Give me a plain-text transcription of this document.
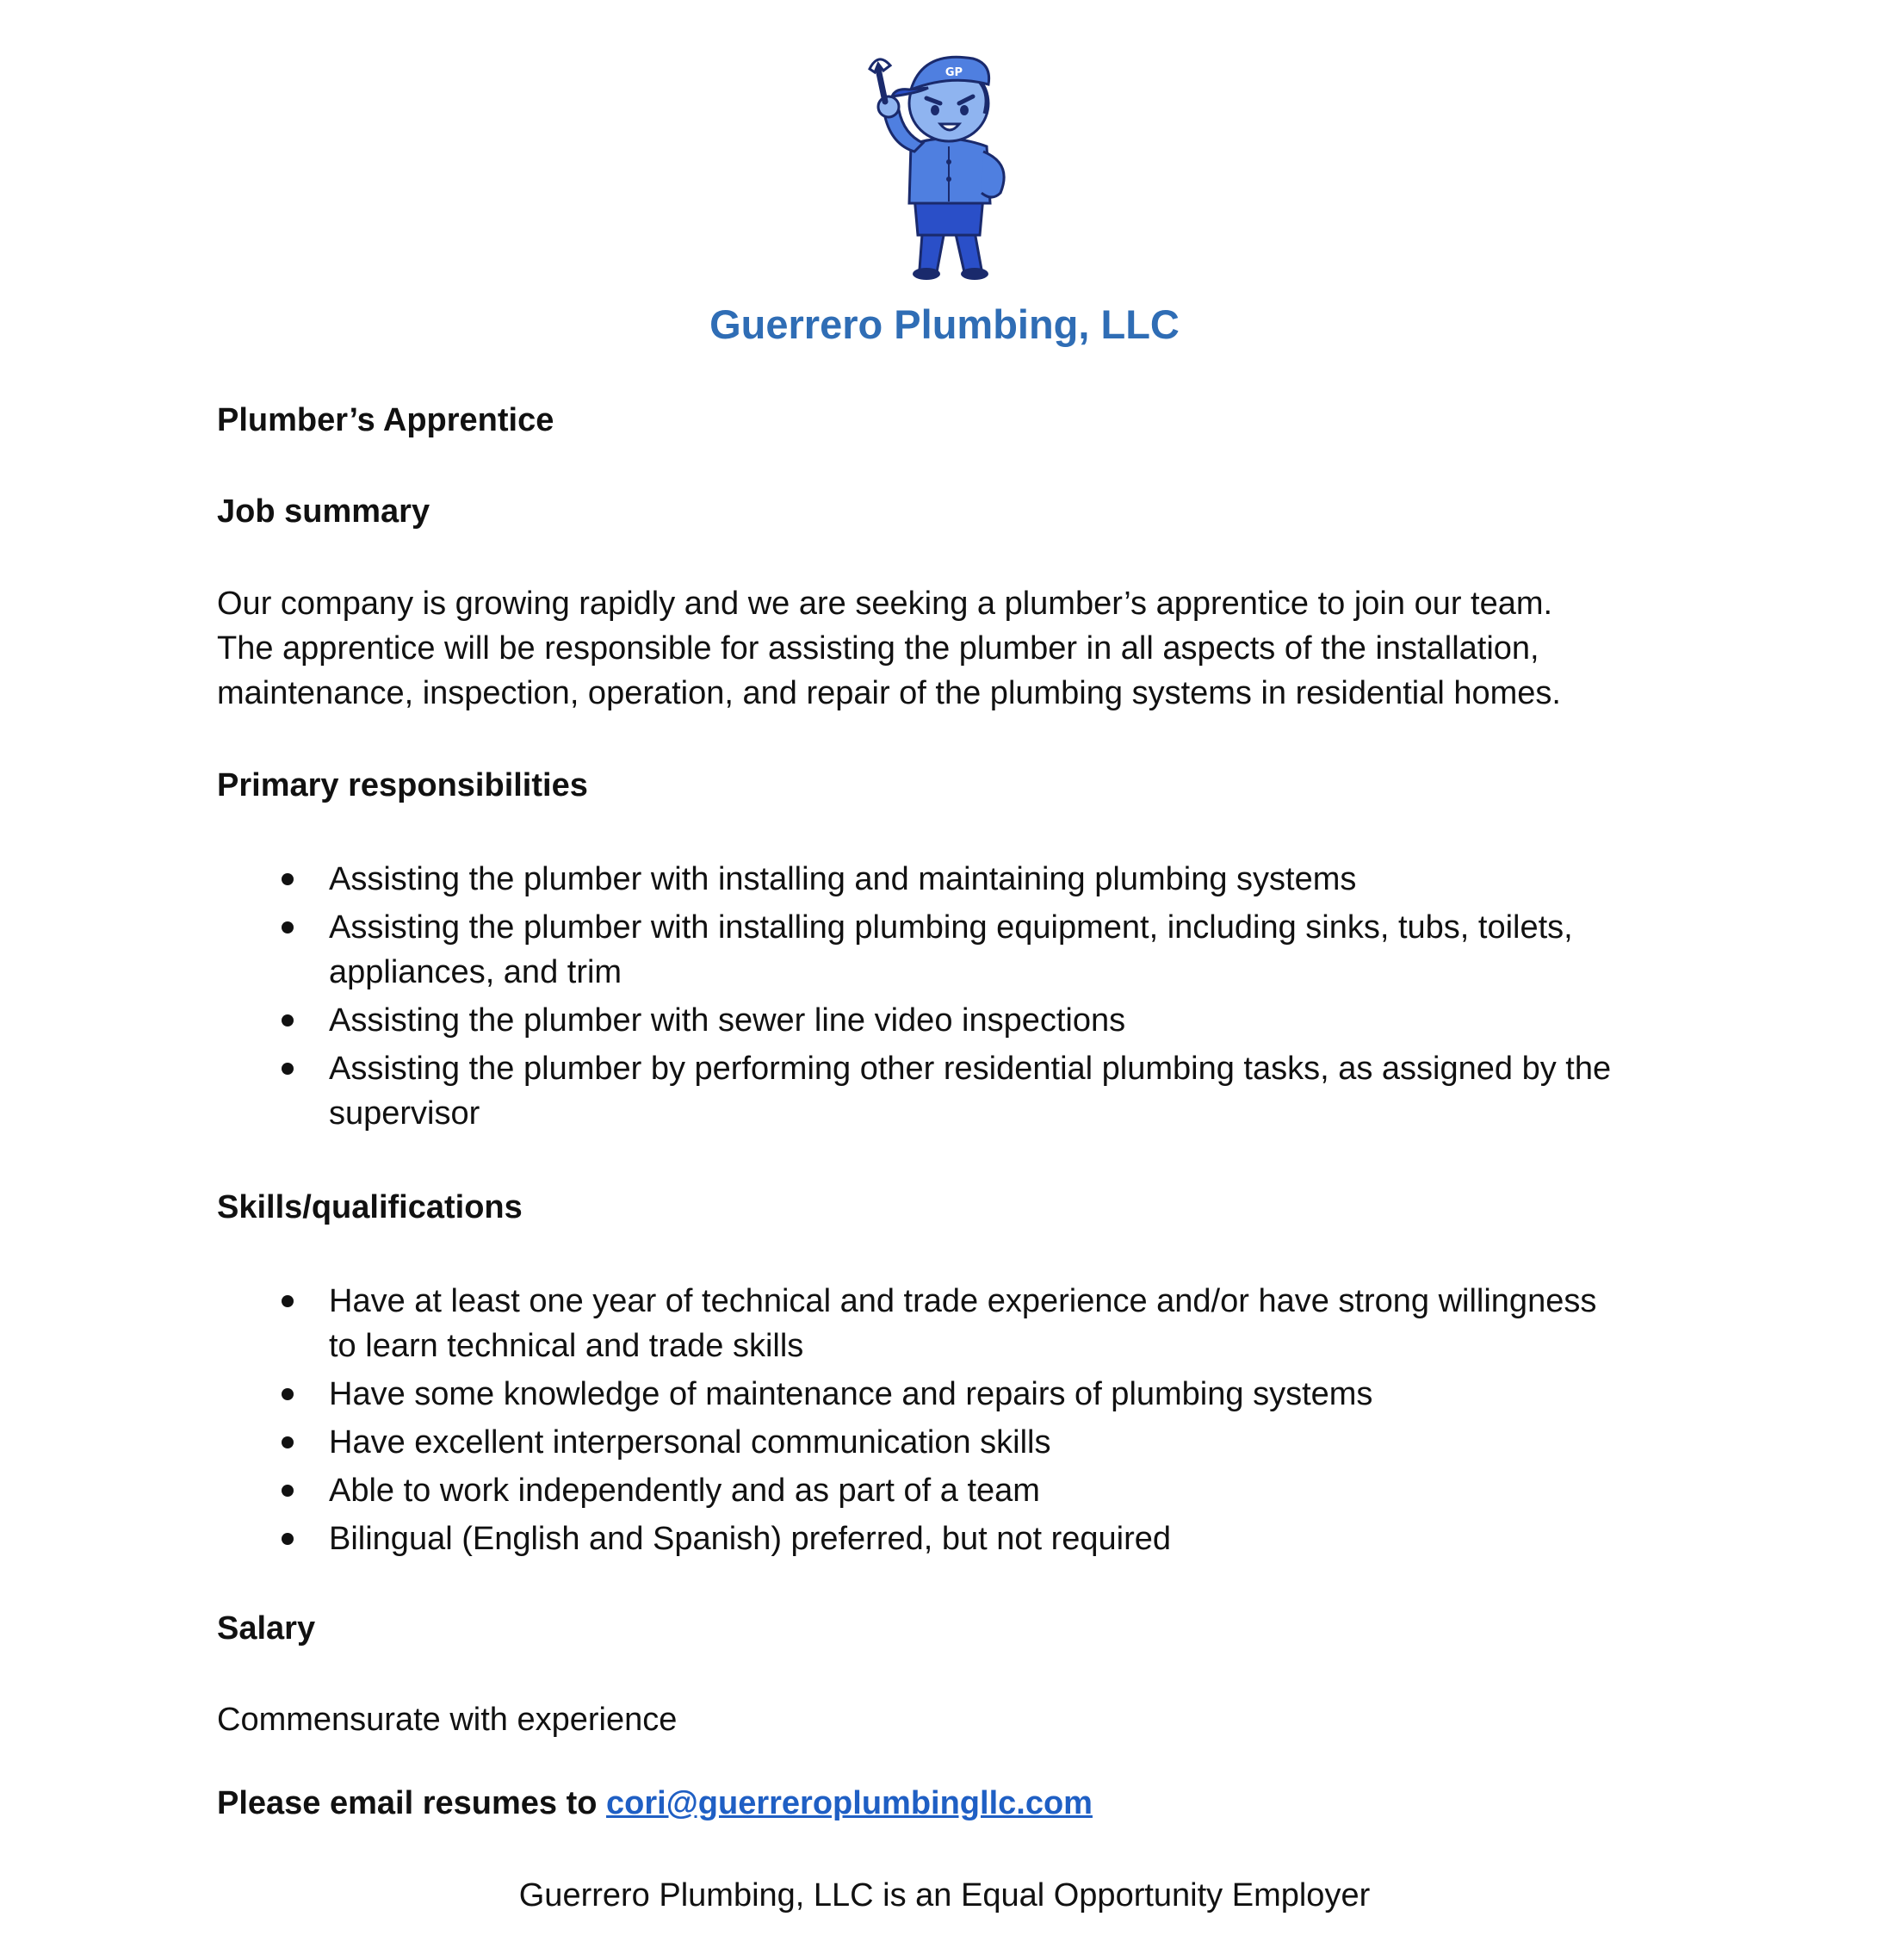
GP
Guerrero Plumbing, LLC
Plumber’s Apprentice
Job summary
Our company is growing rapidly and we are seeking a plumber’s apprentice to join our team.
The apprentice will be responsible for assisting the plumber in all aspects of the installation,
maintenance, inspection, operation, and repair of the plumbing systems in residential homes.
Primary responsibilities
Assisting the plumber with installing and maintaining plumbing systems
Assisting the plumber with installing plumbing equipment, including sinks, tubs, toilets,
appliances, and trim
Assisting the plumber with sewer line video inspections
Assisting the plumber by performing other residential plumbing tasks, as assigned by the
supervisor
Skills/qualifications
Have at least one year of technical and trade experience and/or have strong willingness
to learn technical and trade skills
Have some knowledge of maintenance and repairs of plumbing systems
Have excellent interpersonal communication skills
Able to work independently and as part of a team
Bilingual (English and Spanish) preferred, but not required
Salary
Commensurate with experience
Please email resumes to cori@guerreroplumbingllc.com
Guerrero Plumbing, LLC is an Equal Opportunity Employer
